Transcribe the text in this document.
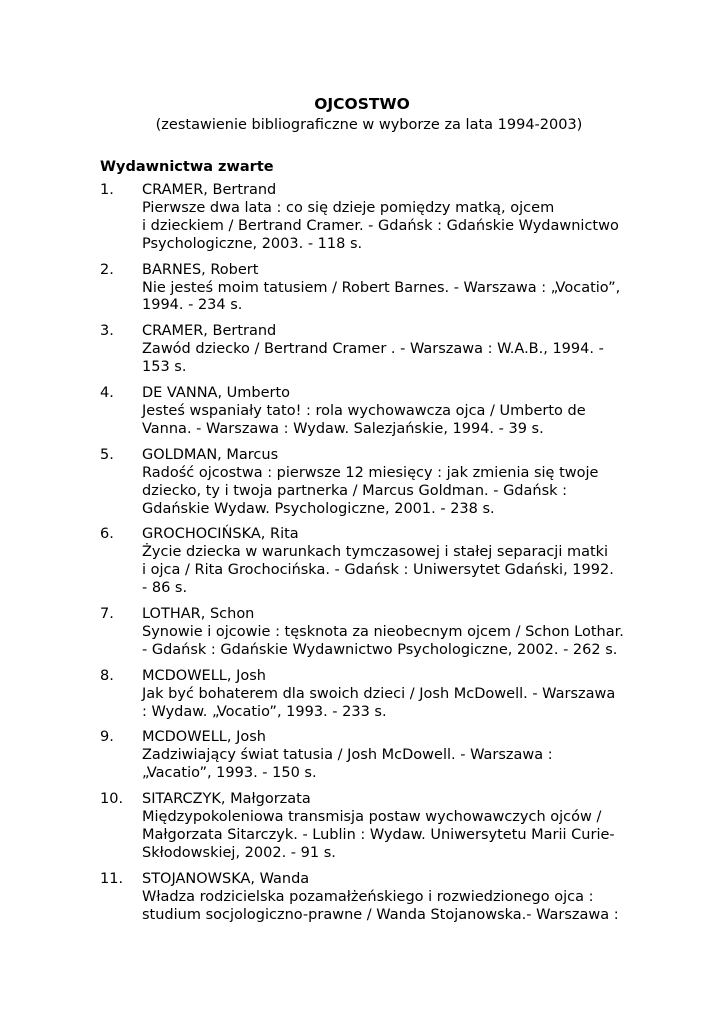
OJCOSTWO
(zestawienie bibliograficzne w wyborze za lata 1994-2003)
Wydawnictwa zwarte
1. CRAMER, Bertrand
Pierwsze dwa lata : co się dzieje pomiędzy matką, ojcem
i dzieckiem / Bertrand Cramer. - Gdańsk : Gdańskie Wydawnictwo
Psychologiczne, 2003. - 118 s.
2. BARNES, Robert
Nie jesteś moim tatusiem / Robert Barnes. - Warszawa : „Vocatio”,
1994. - 234 s.
3. CRAMER, Bertrand
Zawód dziecko / Bertrand Cramer . - Warszawa : W.A.B., 1994. -
153 s.
4. DE VANNA, Umberto
Jesteś wspaniały tato! : rola wychowawcza ojca / Umberto de
Vanna. - Warszawa : Wydaw. Salezjańskie, 1994. - 39 s.
5. GOLDMAN, Marcus
Radość ojcostwa : pierwsze 12 miesięcy : jak zmienia się twoje
dziecko, ty i twoja partnerka / Marcus Goldman. - Gdańsk :
Gdańskie Wydaw. Psychologiczne, 2001. - 238 s.
6. GROCHOCIŃSKA, Rita
Życie dziecka w warunkach tymczasowej i stałej separacji matki
i ojca / Rita Grochocińska. - Gdańsk : Uniwersytet Gdański, 1992.
- 86 s.
7. LOTHAR, Schon
Synowie i ojcowie : tęsknota za nieobecnym ojcem / Schon Lothar.
- Gdańsk : Gdańskie Wydawnictwo Psychologiczne, 2002. - 262 s.
8. MCDOWELL, Josh
Jak być bohaterem dla swoich dzieci / Josh McDowell. - Warszawa
: Wydaw. „Vocatio”, 1993. - 233 s.
9. MCDOWELL, Josh
Zadziwiający świat tatusia / Josh McDowell. - Warszawa :
„Vacatio”, 1993. - 150 s.
10. SITARCZYK, Małgorzata
Międzypokoleniowa transmisja postaw wychowawczych ojców /
Małgorzata Sitarczyk. - Lublin : Wydaw. Uniwersytetu Marii Curie-
Skłodowskiej, 2002. - 91 s.
11. STOJANOWSKA, Wanda
Władza rodzicielska pozamałżeńskiego i rozwiedzionego ojca :
studium socjologiczno-prawne / Wanda Stojanowska.- Warszawa :
